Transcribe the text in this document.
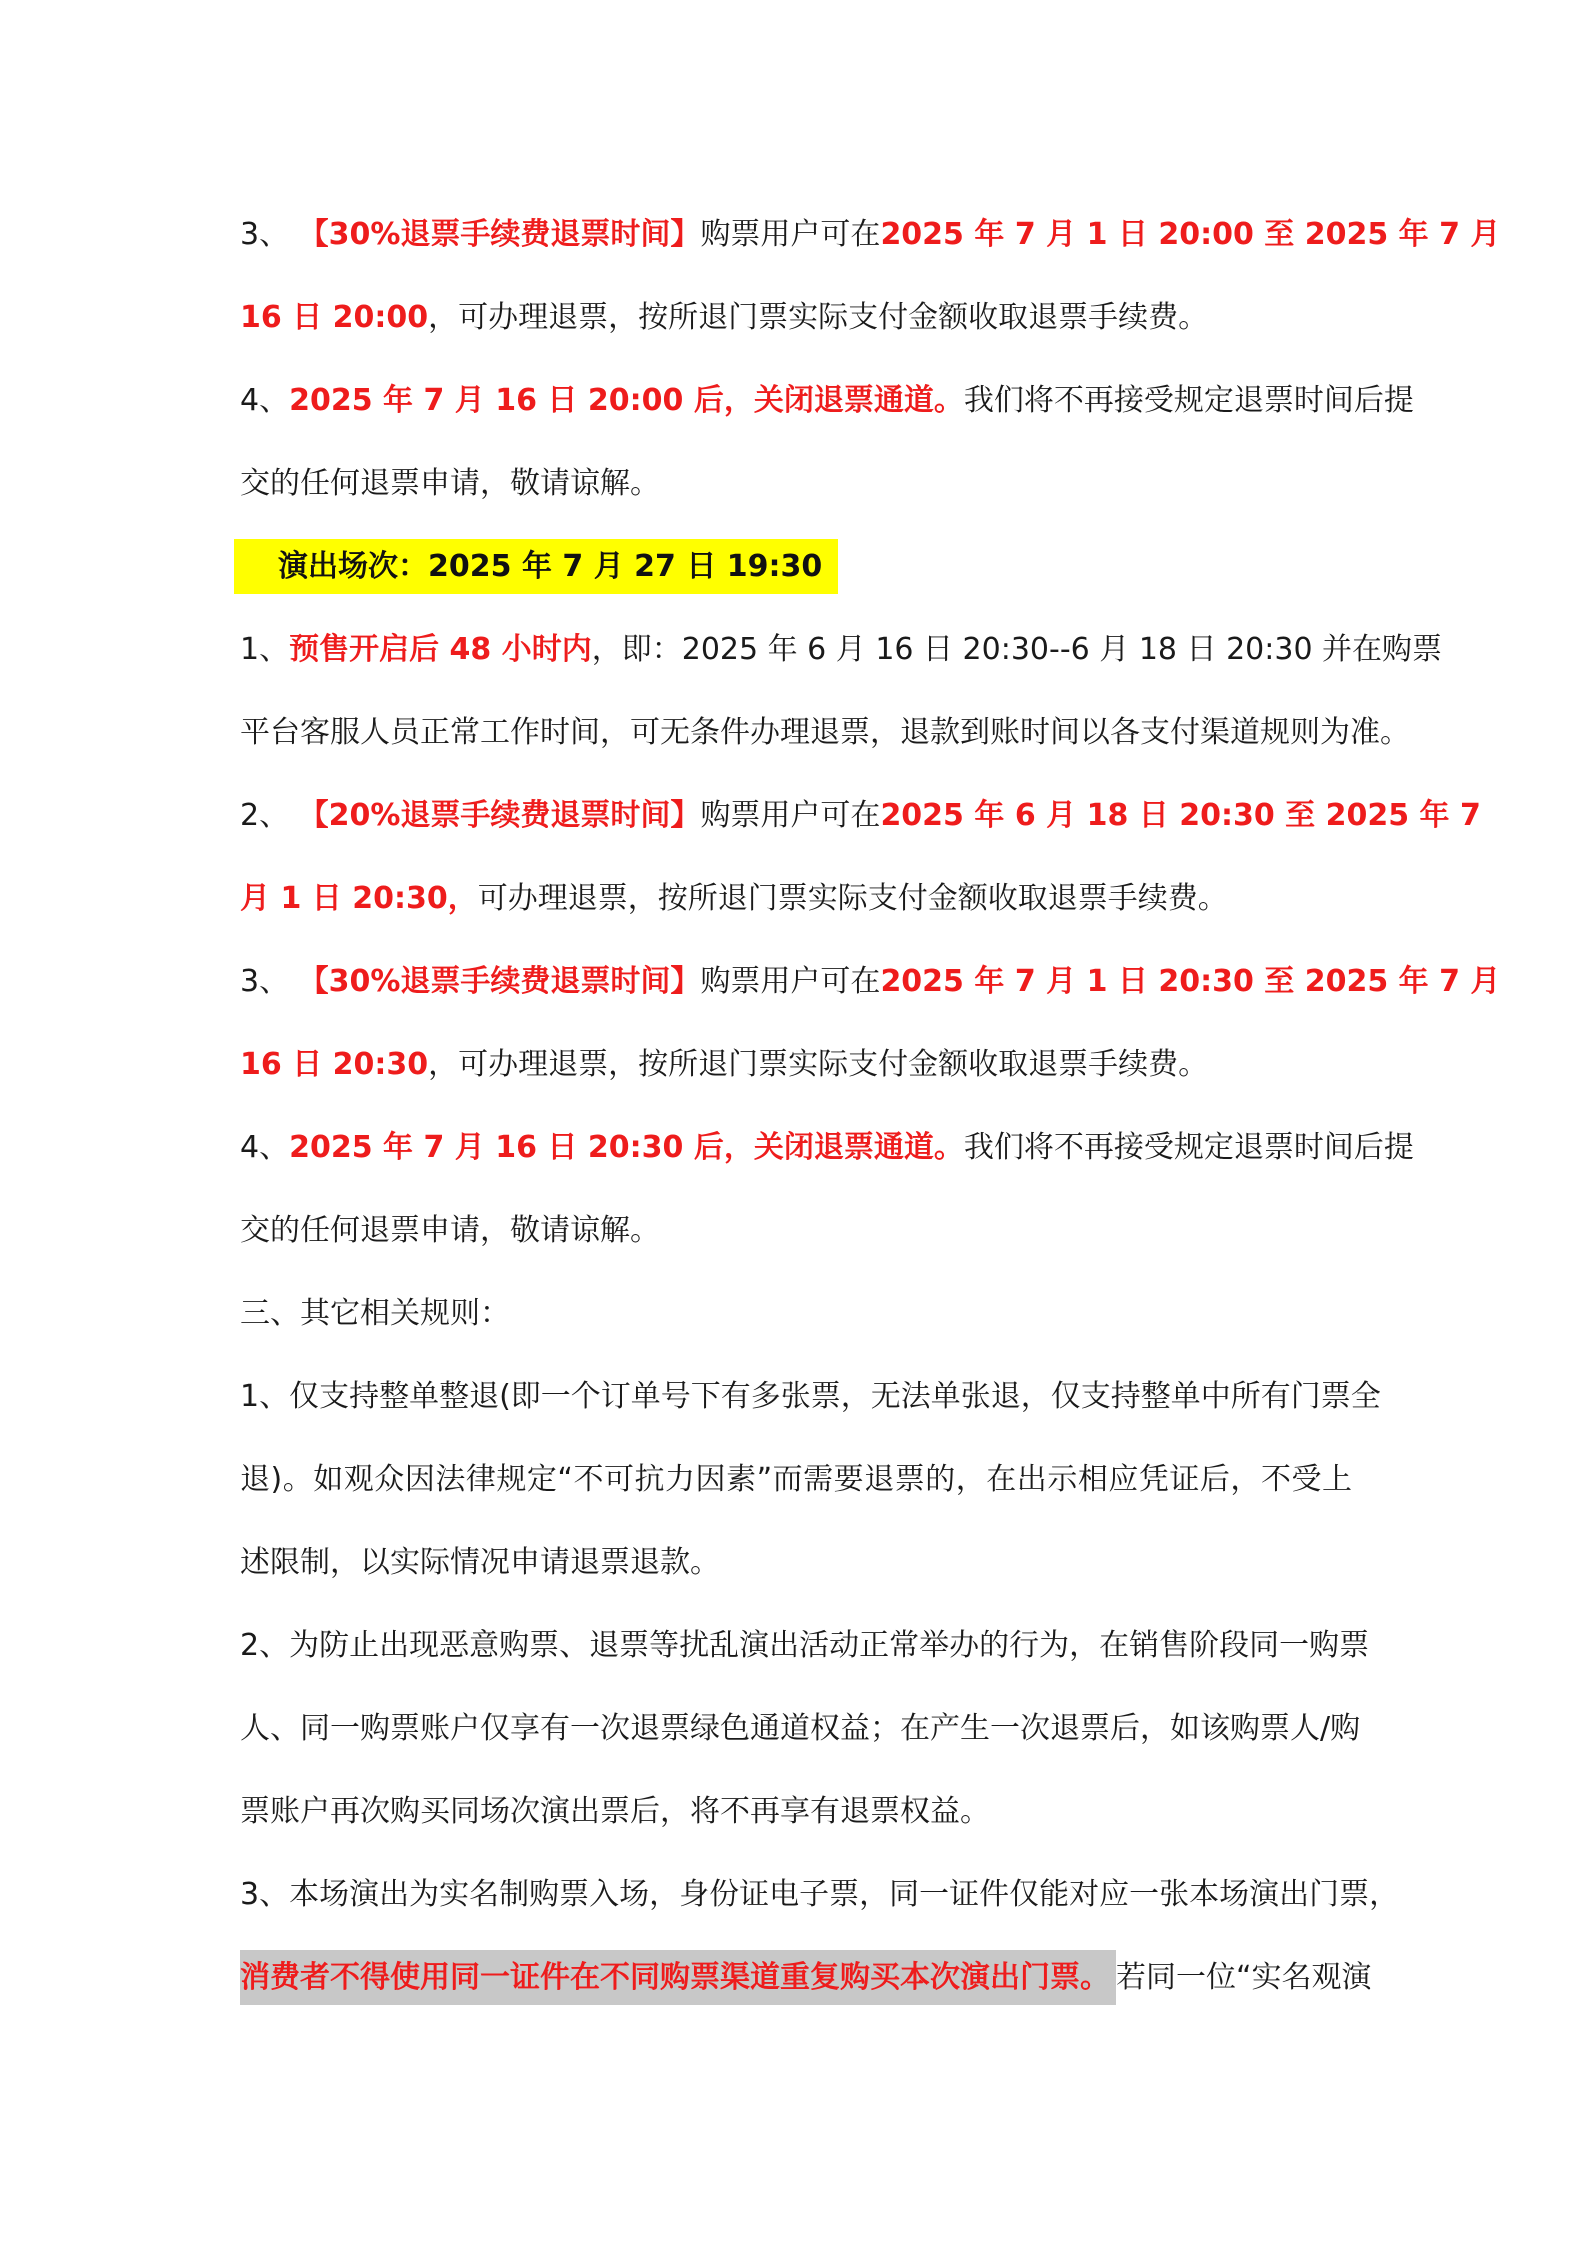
3、 【30%退票手续费退票时间】购票用户可在2025 年 7 月 1 日 20:00 至 2025 年 7 月
16 日 20:00，可办理退票，按所退门票实际支付金额收取退票手续费。
4、2025 年 7 月 16 日 20:00 后，关闭退票通道。我们将不再接受规定退票时间后提
交的任何退票申请，敬请谅解。
演出场次：2025 年 7 月 27 日 19:30
1、预售开启后 48 小时内，即：2025 年 6 月 16 日 20:30--6 月 18 日 20:30 并在购票
平台客服人员正常工作时间，可无条件办理退票，退款到账时间以各支付渠道规则为准。
2、 【20%退票手续费退票时间】购票用户可在2025 年 6 月 18 日 20:30 至 2025 年 7
月 1 日 20:30，可办理退票，按所退门票实际支付金额收取退票手续费。
3、 【30%退票手续费退票时间】购票用户可在2025 年 7 月 1 日 20:30 至 2025 年 7 月
16 日 20:30，可办理退票，按所退门票实际支付金额收取退票手续费。
4、2025 年 7 月 16 日 20:30 后，关闭退票通道。我们将不再接受规定退票时间后提
交的任何退票申请，敬请谅解。
三、其它相关规则：
1、仅支持整单整退(即一个订单号下有多张票，无法单张退，仅支持整单中所有门票全
退)。如观众因法律规定“不可抗力因素”而需要退票的，在出示相应凭证后，不受上
述限制，以实际情况申请退票退款。
2、为防止出现恶意购票、退票等扰乱演出活动正常举办的行为，在销售阶段同一购票
人、同一购票账户仅享有一次退票绿色通道权益；在产生一次退票后，如该购票人/购
票账户再次购买同场次演出票后，将不再享有退票权益。
3、本场演出为实名制购票入场，身份证电子票，同一证件仅能对应一张本场演出门票，
消费者不得使用同一证件在不同购票渠道重复购买本次演出门票。 若同一位“实名观演
